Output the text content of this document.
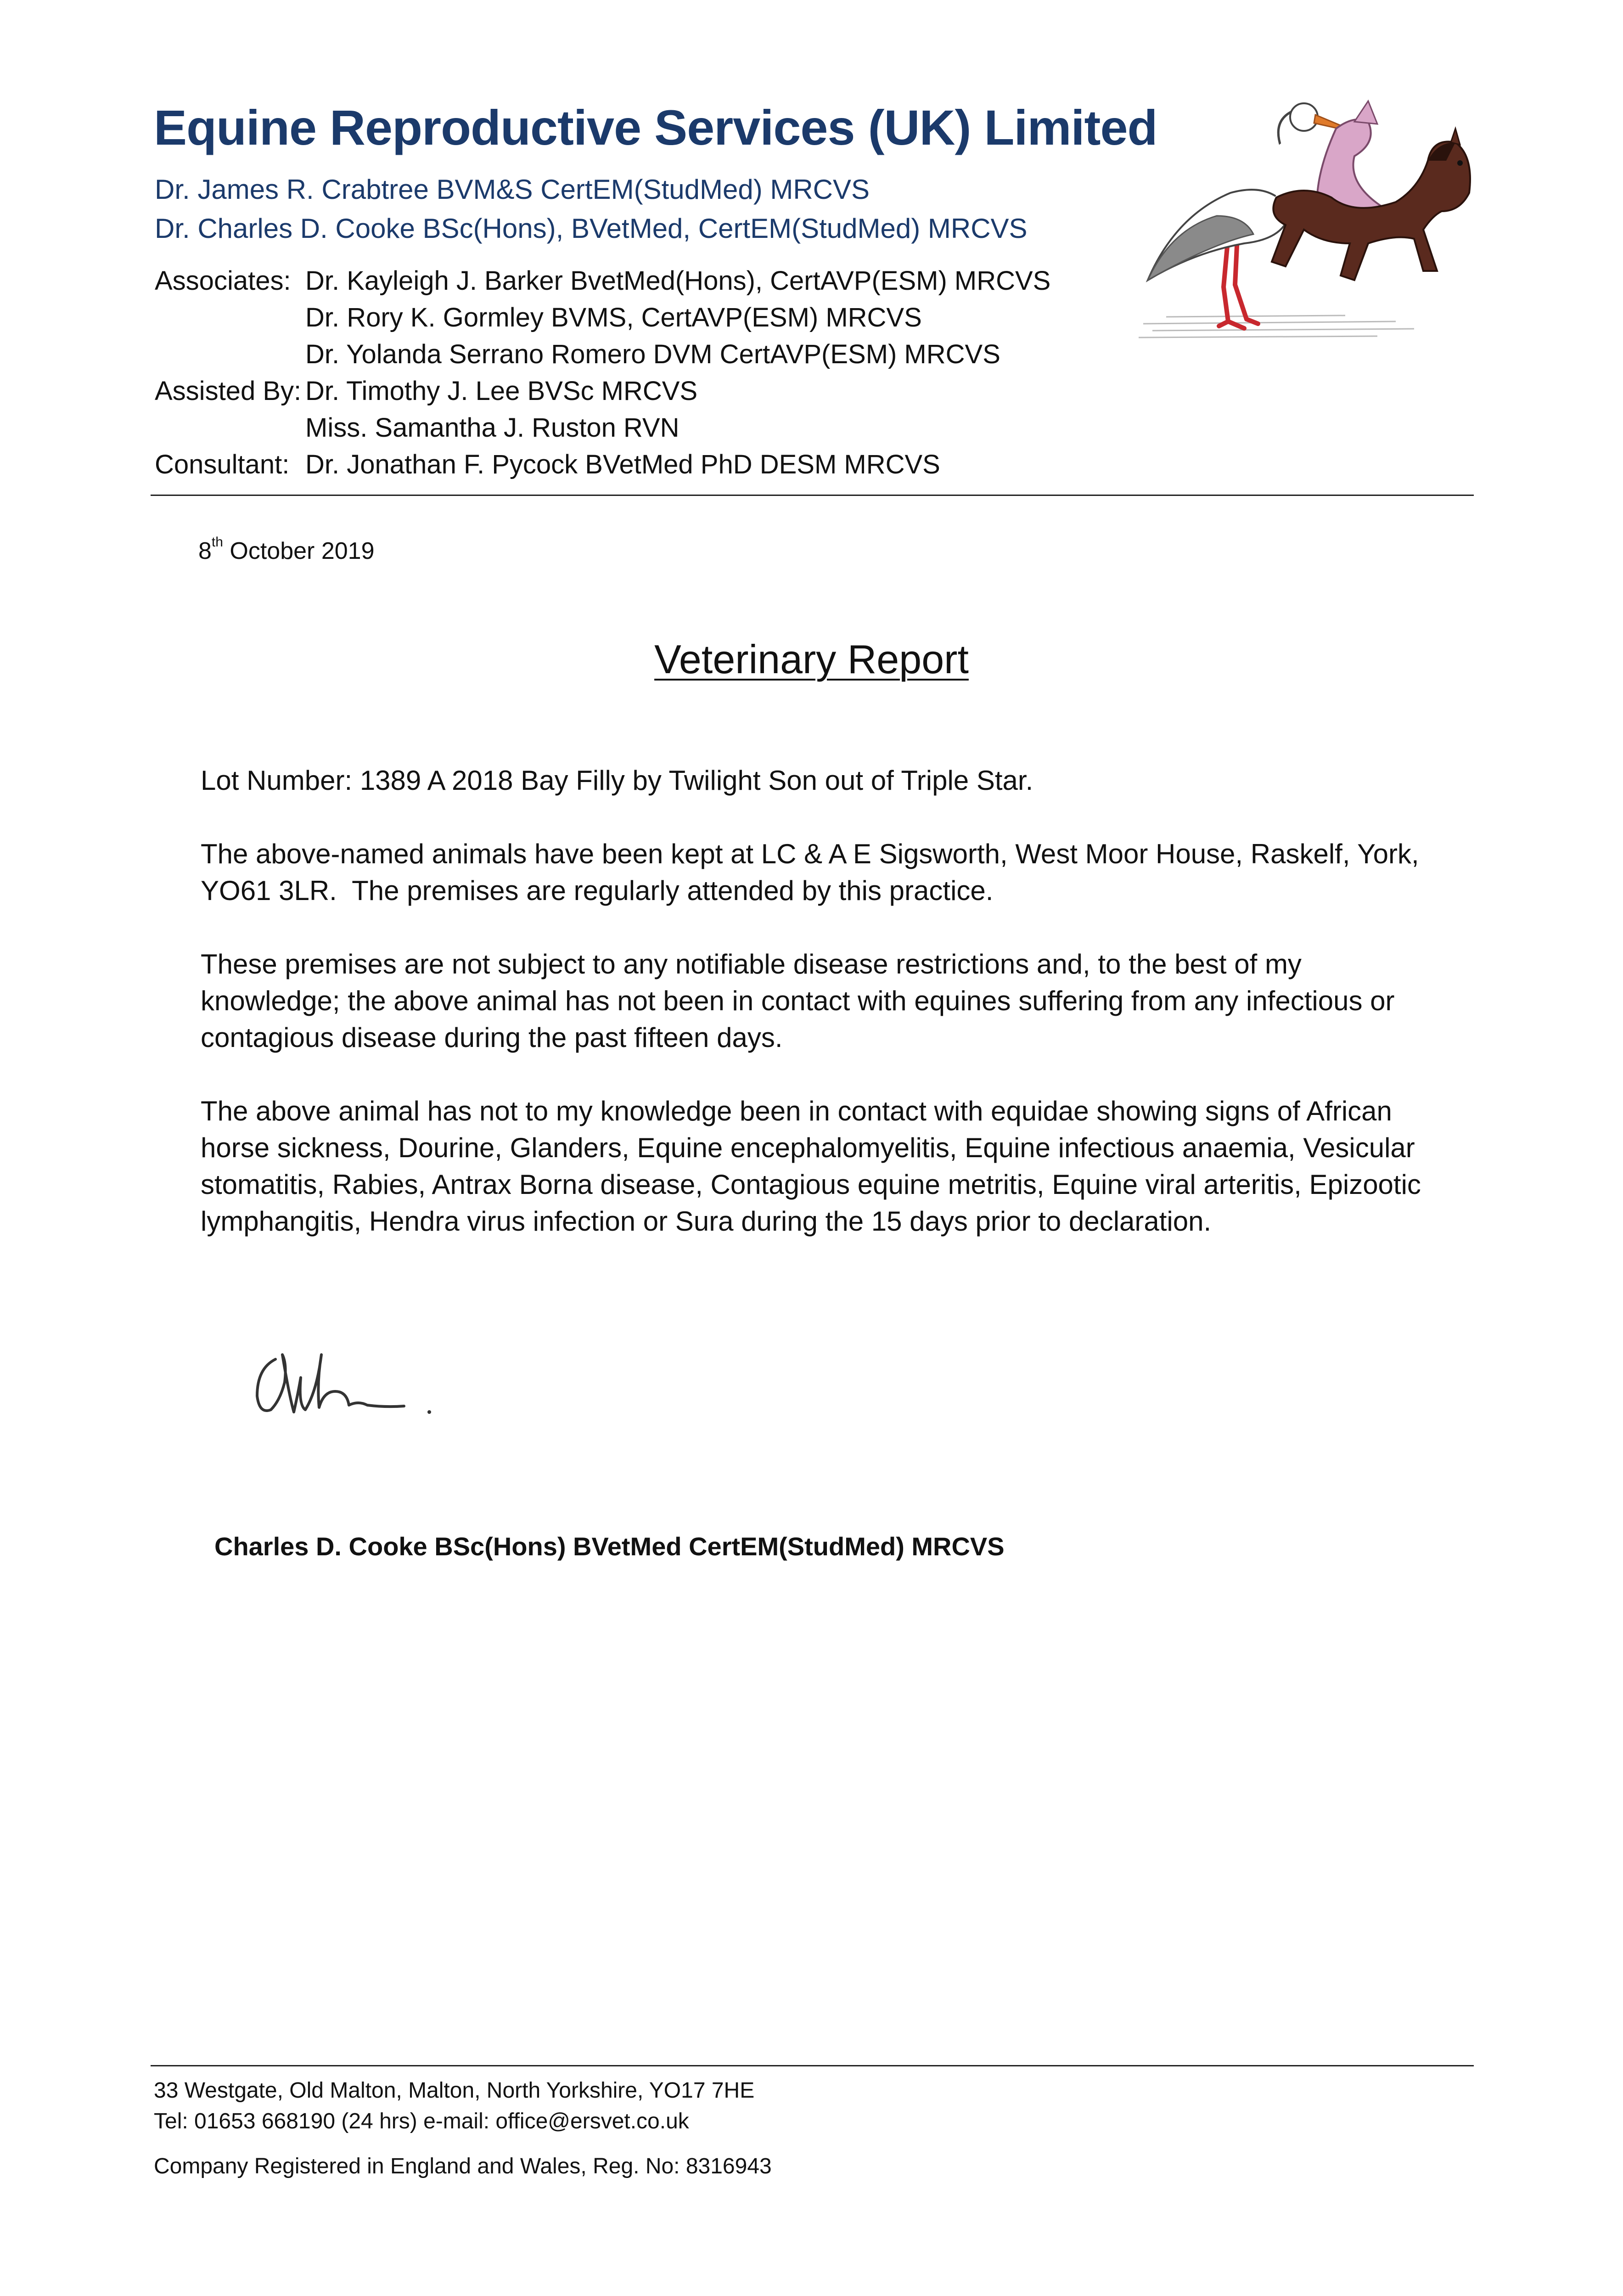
Equine Reproductive Services (UK) Limited
Dr. James R. Crabtree BVM&S CertEM(StudMed) MRCVS
Dr. Charles D. Cooke BSc(Hons), BVetMed, CertEM(StudMed) MRCVS
Associates: Dr. Kayleigh J. Barker BvetMed(Hons), CertAVP(ESM) MRCVS
Dr. Rory K. Gormley BVMS, CertAVP(ESM) MRCVS
Dr. Yolanda Serrano Romero DVM CertAVP(ESM) MRCVS
Assisted By: Dr. Timothy J. Lee BVSc MRCVS
Miss. Samantha J. Ruston RVN
Consultant: Dr. Jonathan F. Pycock BVetMed PhD DESM MRCVS
8th October 2019
Veterinary Report
Lot Number: 1389 A 2018 Bay Filly by Twilight Son out of Triple Star.
The above-named animals have been kept at LC & A E Sigsworth, West Moor House, Raskelf, York, YO61 3LR.  The premises are regularly attended by this practice.
These premises are not subject to any notifiable disease restrictions and, to the best of my knowledge; the above animal has not been in contact with equines suffering from any infectious or contagious disease during the past fifteen days.
The above animal has not to my knowledge been in contact with equidae showing signs of African horse sickness, Dourine, Glanders, Equine encephalomyelitis, Equine infectious anaemia, Vesicular stomatitis, Rabies, Antrax Borna disease, Contagious equine metritis, Equine viral arteritis, Epizootic lymphangitis, Hendra virus infection or Sura during the 15 days prior to declaration.
Charles D. Cooke BSc(Hons) BVetMed CertEM(StudMed) MRCVS
33 Westgate, Old Malton, Malton, North Yorkshire, YO17 7HE
Tel: 01653 668190 (24 hrs) e-mail: office@ersvet.co.uk
Company Registered in England and Wales, Reg. No: 8316943
